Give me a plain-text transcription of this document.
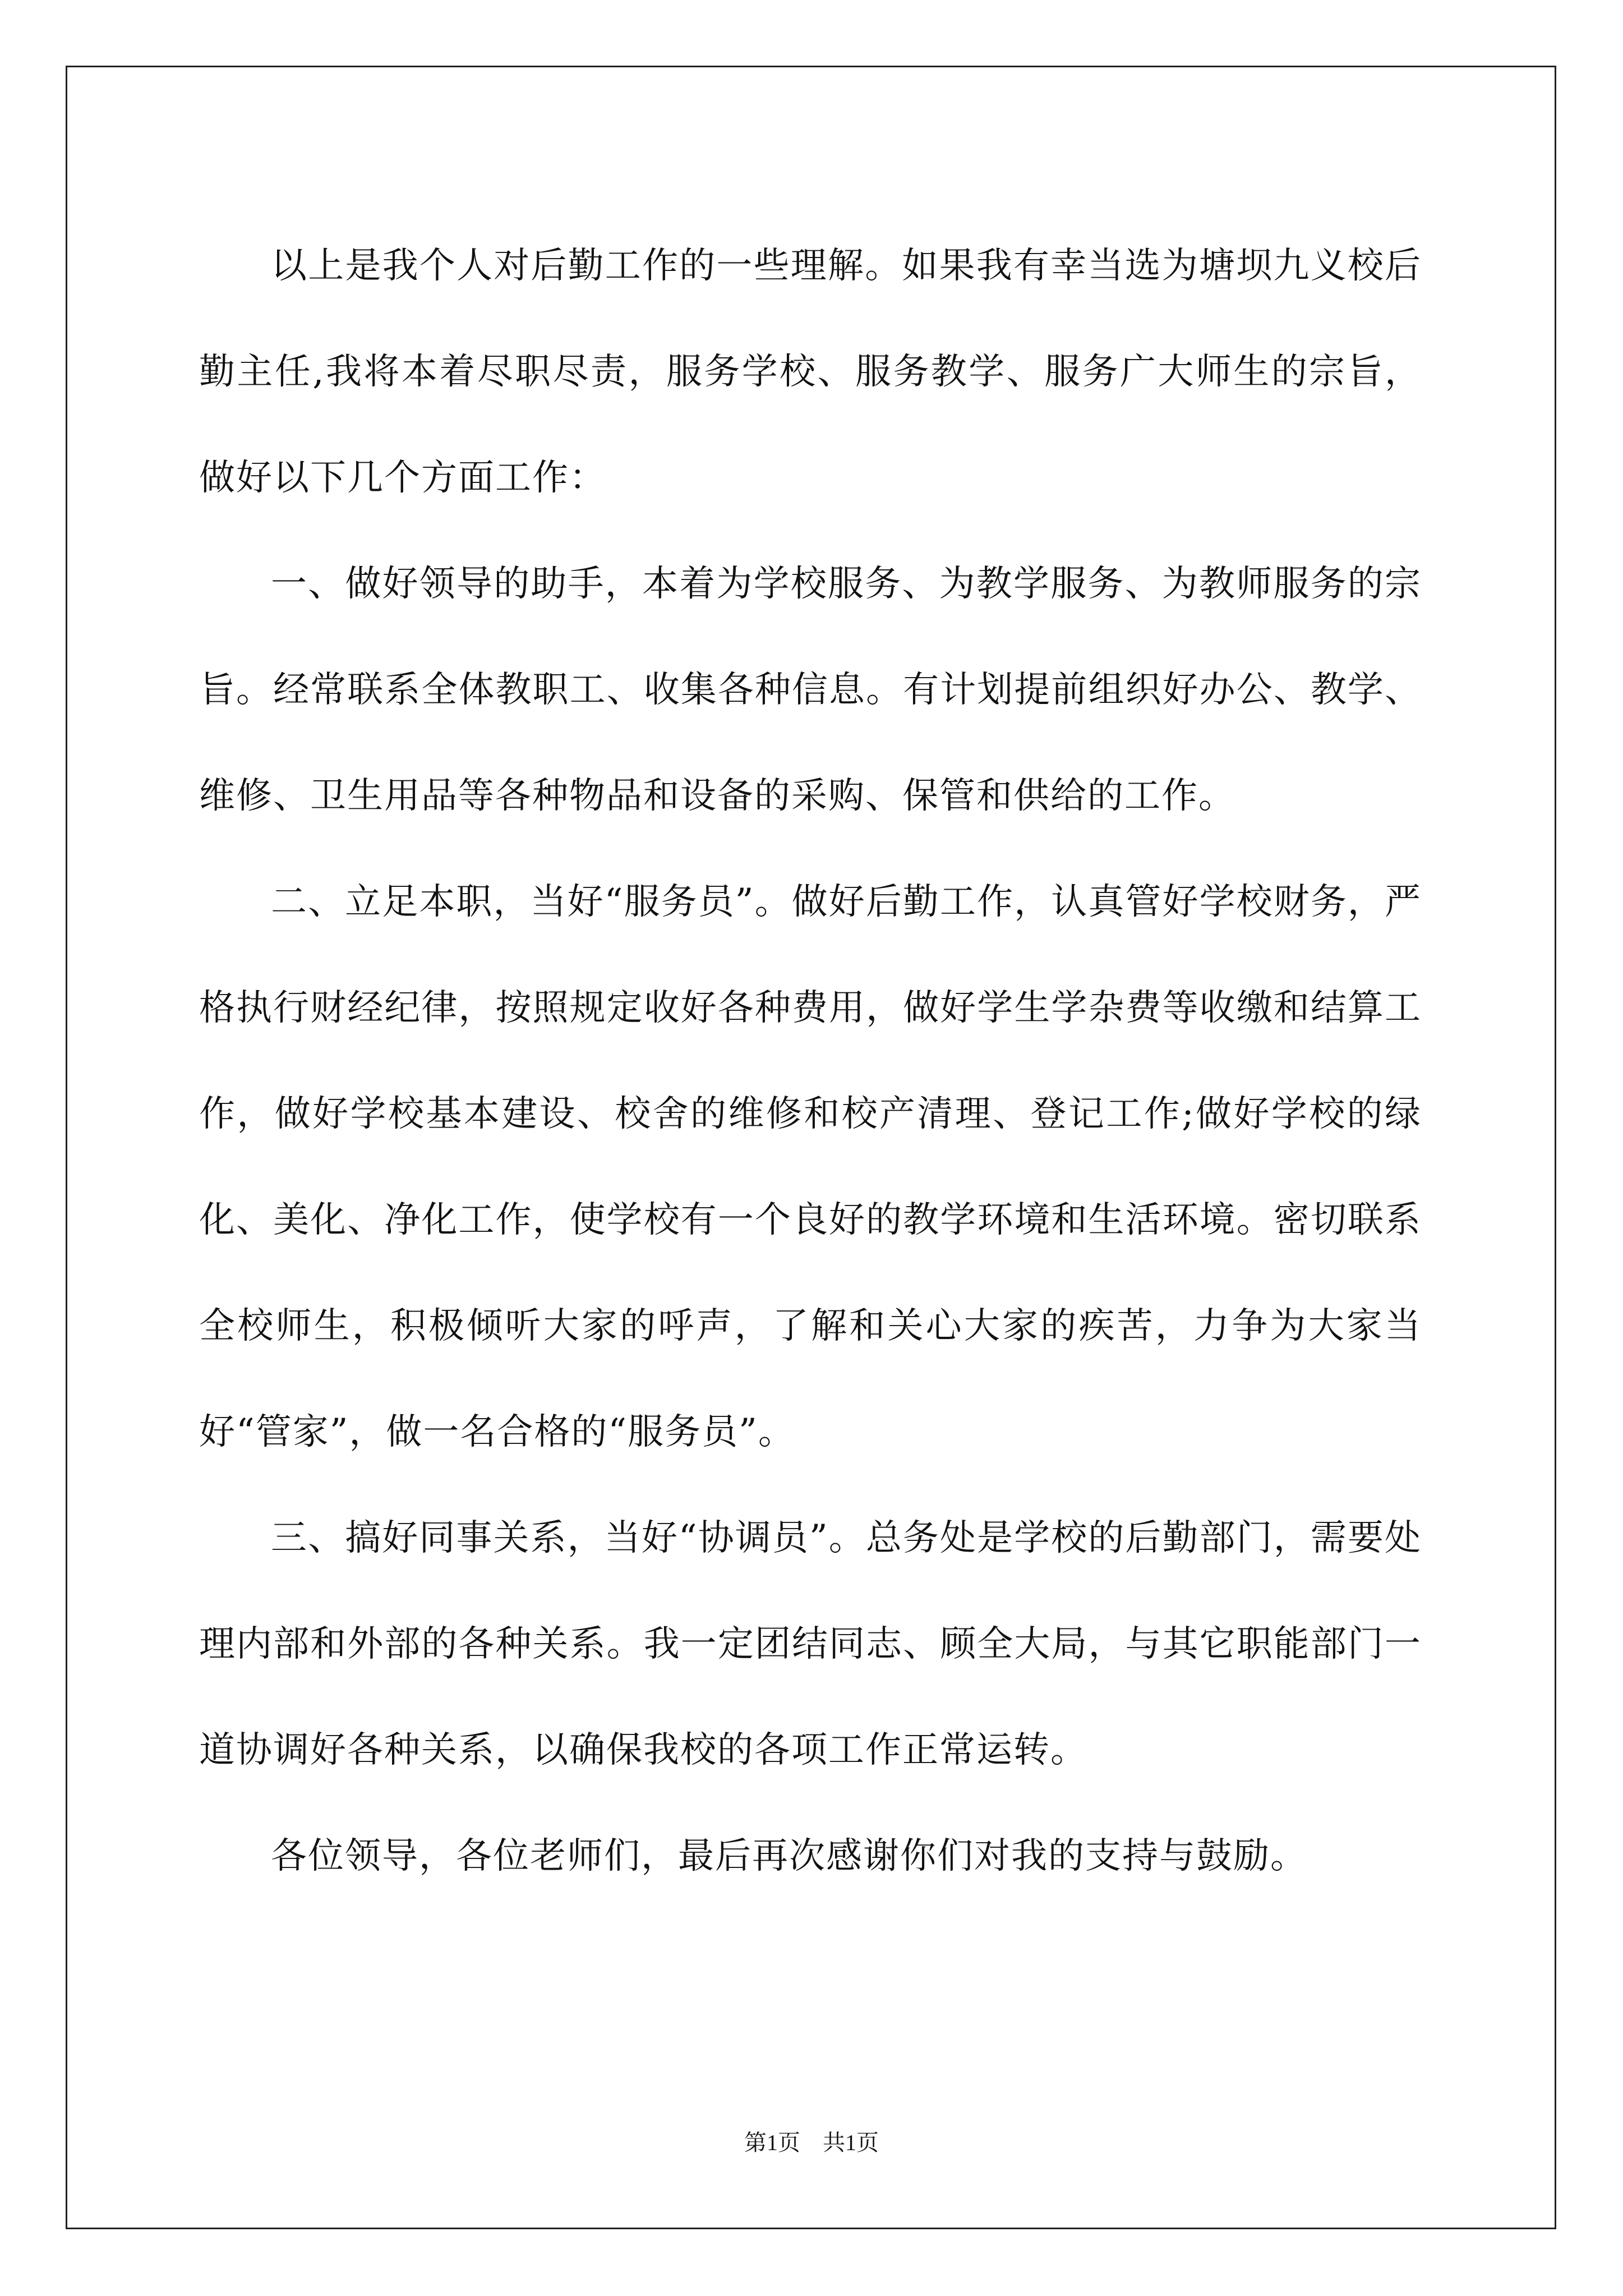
以上是我个人对后勤工作的一些理解。如果我有幸当选为塘坝九义校后勤主任,我将本着尽职尽责，服务学校、服务教学、服务广大师生的宗旨，做好以下几个方面工作：

一、做好领导的助手，本着为学校服务、为教学服务、为教师服务的宗旨。经常联系全体教职工、收集各种信息。有计划提前组织好办公、教学、维修、卫生用品等各种物品和设备的采购、保管和供给的工作。

二、立足本职，当好“服务员”。做好后勤工作，认真管好学校财务，严格执行财经纪律，按照规定收好各种费用，做好学生学杂费等收缴和结算工作，做好学校基本建设、校舍的维修和校产清理、登记工作;做好学校的绿化、美化、净化工作，使学校有一个良好的教学环境和生活环境。密切联系全校师生，积极倾听大家的呼声，了解和关心大家的疾苦，力争为大家当好“管家”，做一名合格的“服务员”。

三、搞好同事关系，当好“协调员”。总务处是学校的后勤部门，需要处理内部和外部的各种关系。我一定团结同志、顾全大局，与其它职能部门一道协调好各种关系，以确保我校的各项工作正常运转。

各位领导，各位老师们，最后再次感谢你们对我的支持与鼓励。

第1页　共1页
